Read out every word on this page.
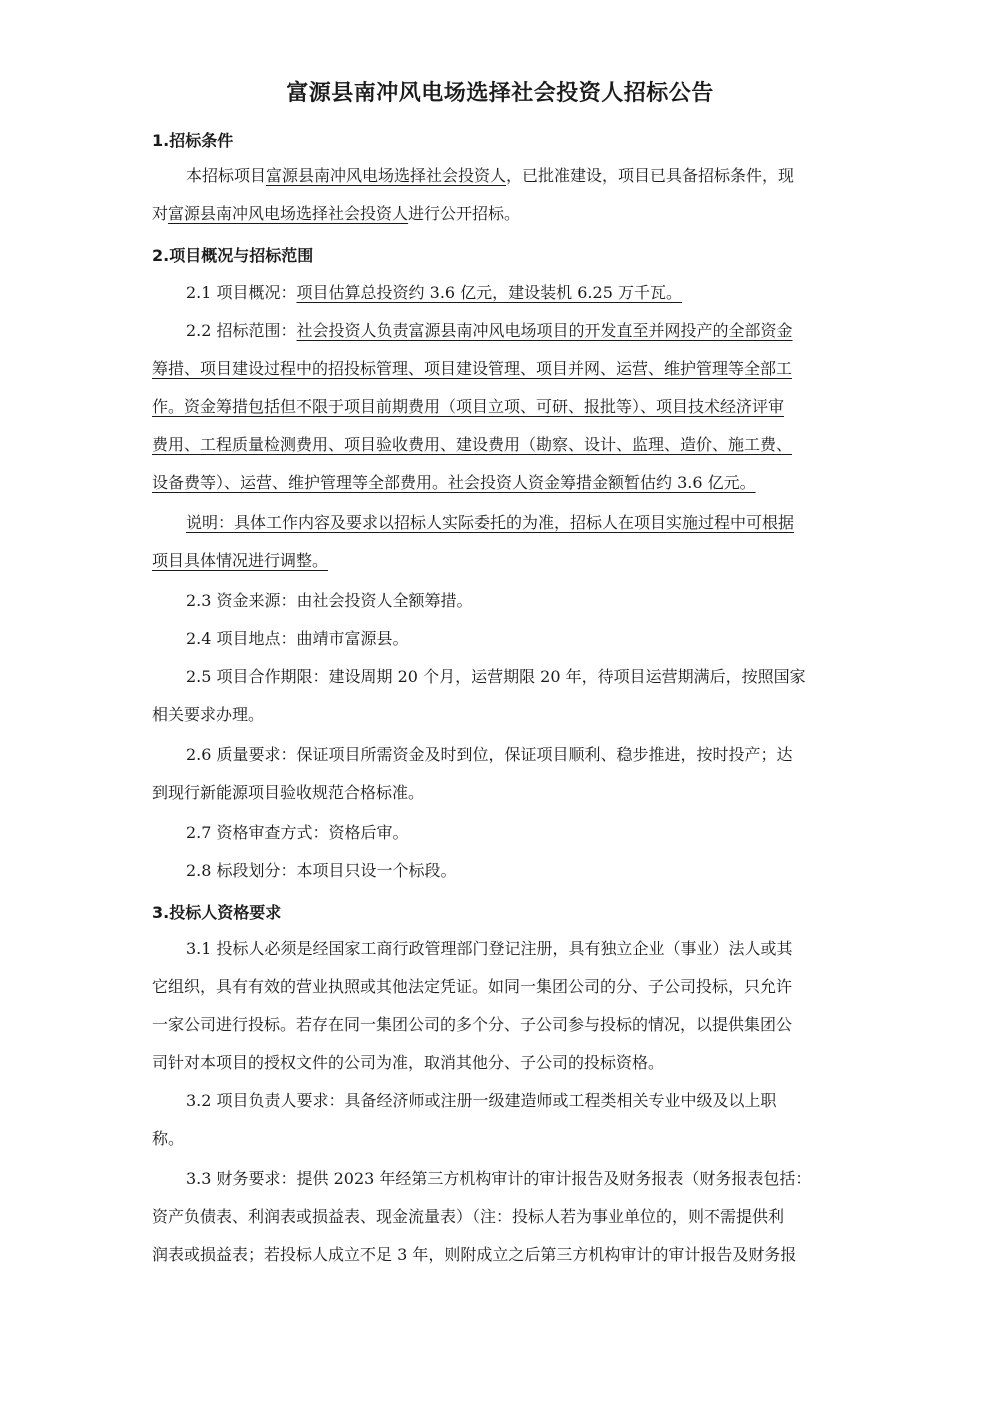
富源县南冲风电场选择社会投资人招标公告
1.招标条件
本招标项目富源县南冲风电场选择社会投资人，已批准建设，项目已具备招标条件，现
对富源县南冲风电场选择社会投资人进行公开招标。
2.项目概况与招标范围
2.1 项目概况：项目估算总投资约 3.6 亿元，建设装机 6.25 万千瓦。
2.2 招标范围：社会投资人负责富源县南冲风电场项目的开发直至并网投产的全部资金
筹措、项目建设过程中的招投标管理、项目建设管理、项目并网、运营、维护管理等全部工
作。资金筹措包括但不限于项目前期费用（项目立项、可研、报批等）、项目技术经济评审
费用、工程质量检测费用、项目验收费用、建设费用（勘察、设计、监理、造价、施工费、
设备费等）、运营、维护管理等全部费用。社会投资人资金筹措金额暂估约 3.6 亿元。
说明：具体工作内容及要求以招标人实际委托的为准，招标人在项目实施过程中可根据
项目具体情况进行调整。
2.3 资金来源：由社会投资人全额筹措。
2.4 项目地点：曲靖市富源县。
2.5 项目合作期限：建设周期 20 个月，运营期限 20 年，待项目运营期满后，按照国家
相关要求办理。
2.6 质量要求：保证项目所需资金及时到位，保证项目顺利、稳步推进，按时投产；达
到现行新能源项目验收规范合格标准。
2.7 资格审查方式：资格后审。
2.8 标段划分：本项目只设一个标段。
3.投标人资格要求
3.1 投标人必须是经国家工商行政管理部门登记注册，具有独立企业（事业）法人或其
它组织，具有有效的营业执照或其他法定凭证。如同一集团公司的分、子公司投标，只允许
一家公司进行投标。若存在同一集团公司的多个分、子公司参与投标的情况，以提供集团公
司针对本项目的授权文件的公司为准，取消其他分、子公司的投标资格。
3.2 项目负责人要求：具备经济师或注册一级建造师或工程类相关专业中级及以上职
称。
3.3 财务要求：提供 2023 年经第三方机构审计的审计报告及财务报表（财务报表包括：
资产负债表、利润表或损益表、现金流量表）（注：投标人若为事业单位的，则不需提供利
润表或损益表；若投标人成立不足 3 年，则附成立之后第三方机构审计的审计报告及财务报
